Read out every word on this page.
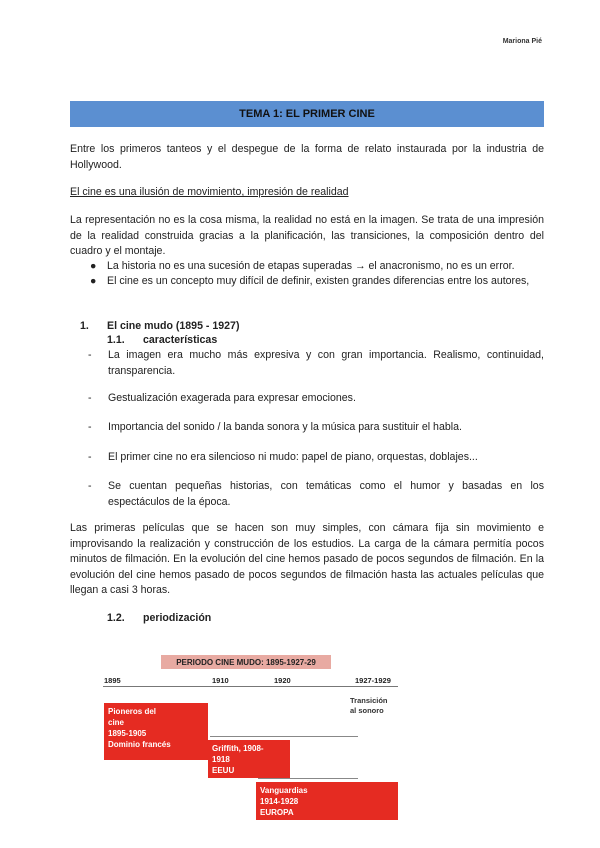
Mariona Pié
TEMA 1: EL PRIMER CINE

Entre los primeros tanteos y el despegue de la forma de relato instaurada por la industria de Hollywood.

El cine es una ilusión de movimiento, impresión de realidad

La representación no es la cosa misma, la realidad no está en la imagen. Se trata de una impresión de la realidad construida gracias a la planificación, las transiciones, la composición dentro del cuadro y el montaje.

● La historia no es una sucesión de etapas superadas → el anacronismo, no es un error.
● El cine es un concepto muy difícil de definir, existen grandes diferencias entre los autores,
1. El cine mudo (1895 - 1927)
1.1. características
- La imagen era mucho más expresiva y con gran importancia. Realismo, continuidad, transparencia.
- Gestualización exagerada para expresar emociones.
- Importancia del sonido / la banda sonora y la música para sustituir el habla.
- El primer cine no era silencioso ni mudo: papel de piano, orquestas, doblajes...
- Se cuentan pequeñas historias, con temáticas como el humor y basadas en los espectáculos de la época.

Las primeras películas que se hacen son muy simples, con cámara fija sin movimiento e improvisando la realización y construcción de los estudios. La carga de la cámara permitía pocos minutos de filmación. En la evolución del cine hemos pasado de pocos segundos de filmación. En la evolución del cine hemos pasado de pocos segundos de filmación hasta las actuales películas que llegan a casi 3 horas.

1.2. periodización
PERIODO CINE MUDO: 1895-1927-29
1895	1910	1920	1927-1929
Transición
al sonoro
Pioneros del
cine
1895-1905
Dominio francés	Griffith, 1908-
1918
EEUU
Vanguardias
1914-1928
EUROPA
